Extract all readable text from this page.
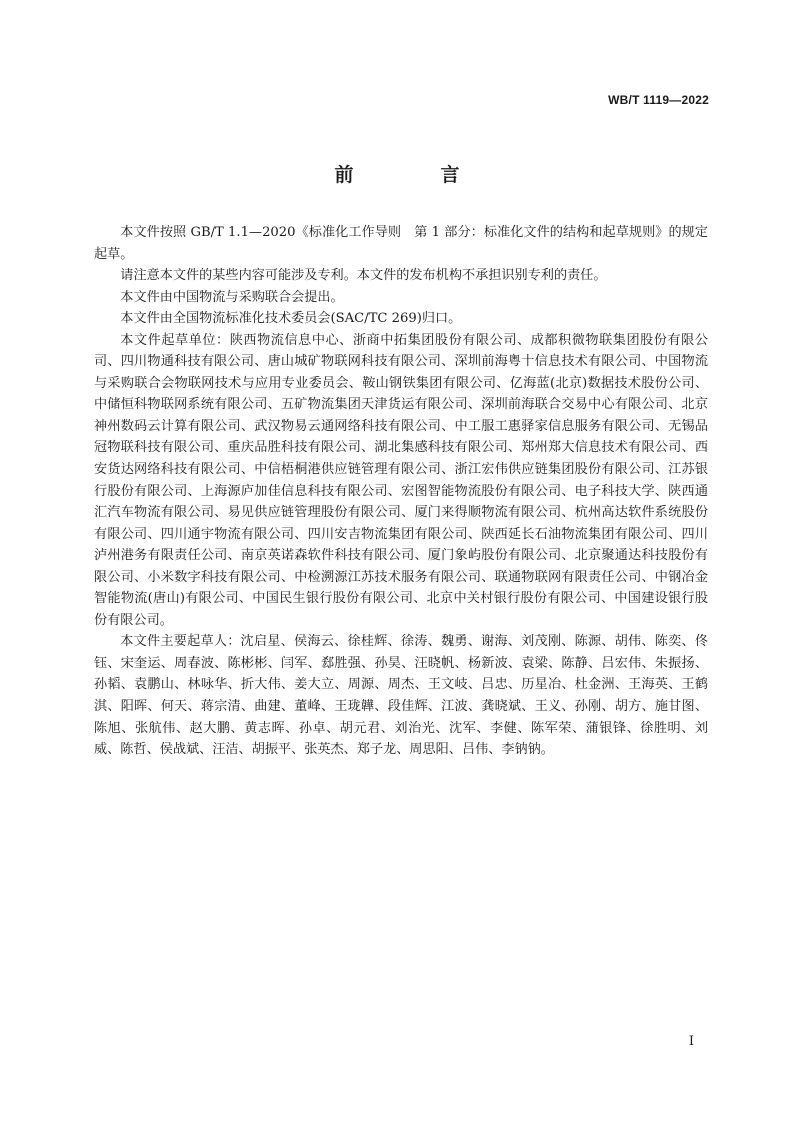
WB/T 1119—2022
前　言

本文件按照 GB/T 1.1—2020《标准化工作导则　第 1 部分：标准化文件的结构和起草规则》的规定起草。

请注意本文件的某些内容可能涉及专利。本文件的发布机构不承担识别专利的责任。

本文件由中国物流与采购联合会提出。

本文件由全国物流标准化技术委员会(SAC/TC 269)归口。

本文件起草单位：陕西物流信息中心、浙商中拓集团股份有限公司、成都积微物联集团股份有限公司、四川物通科技有限公司、唐山城矿物联网科技有限公司、深圳前海粤十信息技术有限公司、中国物流与采购联合会物联网技术与应用专业委员会、鞍山钢铁集团有限公司、亿海蓝(北京)数据技术股份公司、中储恒科物联网系统有限公司、五矿物流集团天津货运有限公司、深圳前海联合交易中心有限公司、北京神州数码云计算有限公司、武汉物易云通网络科技有限公司、中工服工惠驿家信息服务有限公司、无锡品冠物联科技有限公司、重庆品胜科技有限公司、湖北集感科技有限公司、郑州郑大信息技术有限公司、西安货达网络科技有限公司、中信梧桐港供应链管理有限公司、浙江宏伟供应链集团股份有限公司、江苏银行股份有限公司、上海源庐加佳信息科技有限公司、宏图智能物流股份有限公司、电子科技大学、陕西通汇汽车物流有限公司、易见供应链管理股份有限公司、厦门来得顺物流有限公司、杭州高达软件系统股份有限公司、四川通宇物流有限公司、四川安吉物流集团有限公司、陕西延长石油物流集团有限公司、四川泸州港务有限责任公司、南京英诺森软件科技有限公司、厦门象屿股份有限公司、北京聚通达科技股份有限公司、小米数字科技有限公司、中检溯源江苏技术服务有限公司、联通物联网有限责任公司、中钢冶金智能物流(唐山)有限公司、中国民生银行股份有限公司、北京中关村银行股份有限公司、中国建设银行股份有限公司。

本文件主要起草人：沈启星、侯海云、徐桂辉、徐涛、魏勇、谢海、刘茂刚、陈源、胡伟、陈奕、佟钰、宋奎运、周春波、陈彬彬、闫军、郄胜强、孙昊、汪晓帆、杨新波、袁梁、陈静、吕宏伟、朱振扬、孙韬、袁鹏山、林咏华、折大伟、姜大立、周源、周杰、王文岐、吕忠、历星冶、杜金洲、王海英、王鹤淇、阳晖、何天、蒋宗清、曲建、董峰、王珑韡、段佳辉、江波、龚晓斌、王义、孙刚、胡方、施甘图、陈旭、张航伟、赵大鹏、黄志晖、孙卓、胡元君、刘治光、沈军、李健、陈军荣、蒲银锋、徐胜明、刘威、陈哲、侯战斌、汪洁、胡振平、张英杰、郑子龙、周思阳、吕伟、李钠钠。

I
